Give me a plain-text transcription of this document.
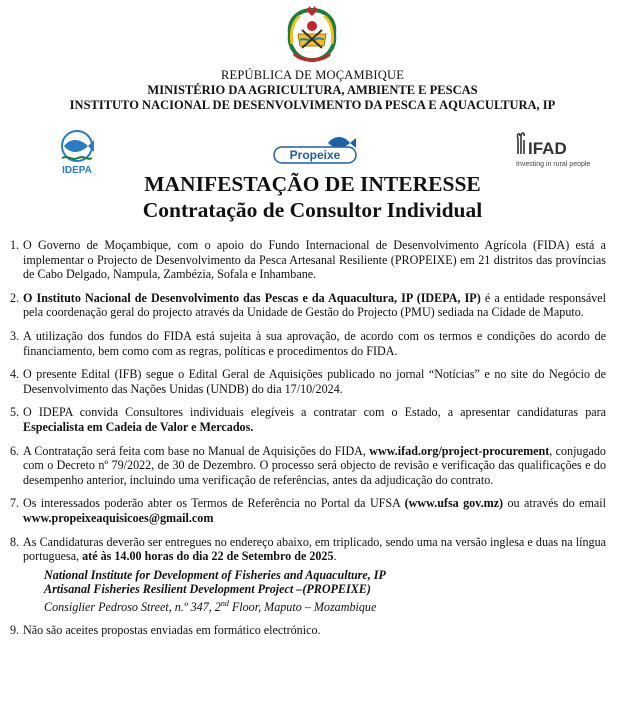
REPÚBLICA DE MOÇAMBIQUE
MINISTÉRIO DA AGRICULTURA, AMBIENTE E PESCAS
INSTITUTO NACIONAL DE DESENVOLVIMENTO DA PESCA E AQUACULTURA, IP
IDEPA
Propeixe	IFAD
Investing in rural people
MANIFESTAÇÃO DE INTERESSE
Contratação de Consultor Individual
1. O Governo de Moçambique, com o apoio do Fundo Internacional de Desenvolvimento Agrícola (FIDA) está a implementar o Projecto de Desenvolvimento da Pesca Artesanal Resiliente (PROPEIXE) em 21 distritos das províncias de Cabo Delgado, Nampula, Zambézia, Sofala e Inhambane.
2. O Instituto Nacional de Desenvolvimento das Pescas e da Aquacultura, IP (IDEPA, IP) é a entidade responsável pela coordenação geral do projecto através da Unidade de Gestão do Projecto (PMU) sediada na Cidade de Maputo.
3. A utilização dos fundos do FIDA está sujeita à sua aprovação, de acordo com os termos e condições do acordo de financiamento, bem como com as regras, políticas e procedimentos do FIDA.
4. O presente Edital (IFB) segue o Edital Geral de Aquisições publicado no jornal “Notícias” e no site do Negócio de Desenvolvimento das Nações Unidas (UNDB) do dia 17/10/2024.
5. O IDEPA convida Consultores individuais elegíveis a contratar com o Estado, a apresentar candidaturas para Especialista em Cadeia de Valor e Mercados.
6. A Contratação será feita com base no Manual de Aquisições do FIDA, www.ifad.org/project-procurement, conjugado com o Decreto nº 79/2022, de 30 de Dezembro. O processo será objecto de revisão e verificação das qualificações e do desempenho anterior, incluindo uma verificação de referências, antes da adjudicação do contrato.
7. Os interessados poderão abter os Termos de Referência no Portal da UFSA (www.ufsa gov.mz) ou através do email www.propeixeaquisicoes@gmail.com
8. As Candidaturas deverão ser entregues no endereço abaixo, em triplicado, sendo uma na versão inglesa e duas na língua portuguesa, até às 14.00 horas do dia 22 de Setembro de 2025.
National Institute for Development of Fisheries and Aquaculture, IP
Artisanal Fisheries Resilient Development Project –(PROPEIXE)
Consiglier Pedroso Street, n.º 347, 2nd Floor, Maputo – Mozambique
9. Não são aceites propostas enviadas em formático electrónico.
